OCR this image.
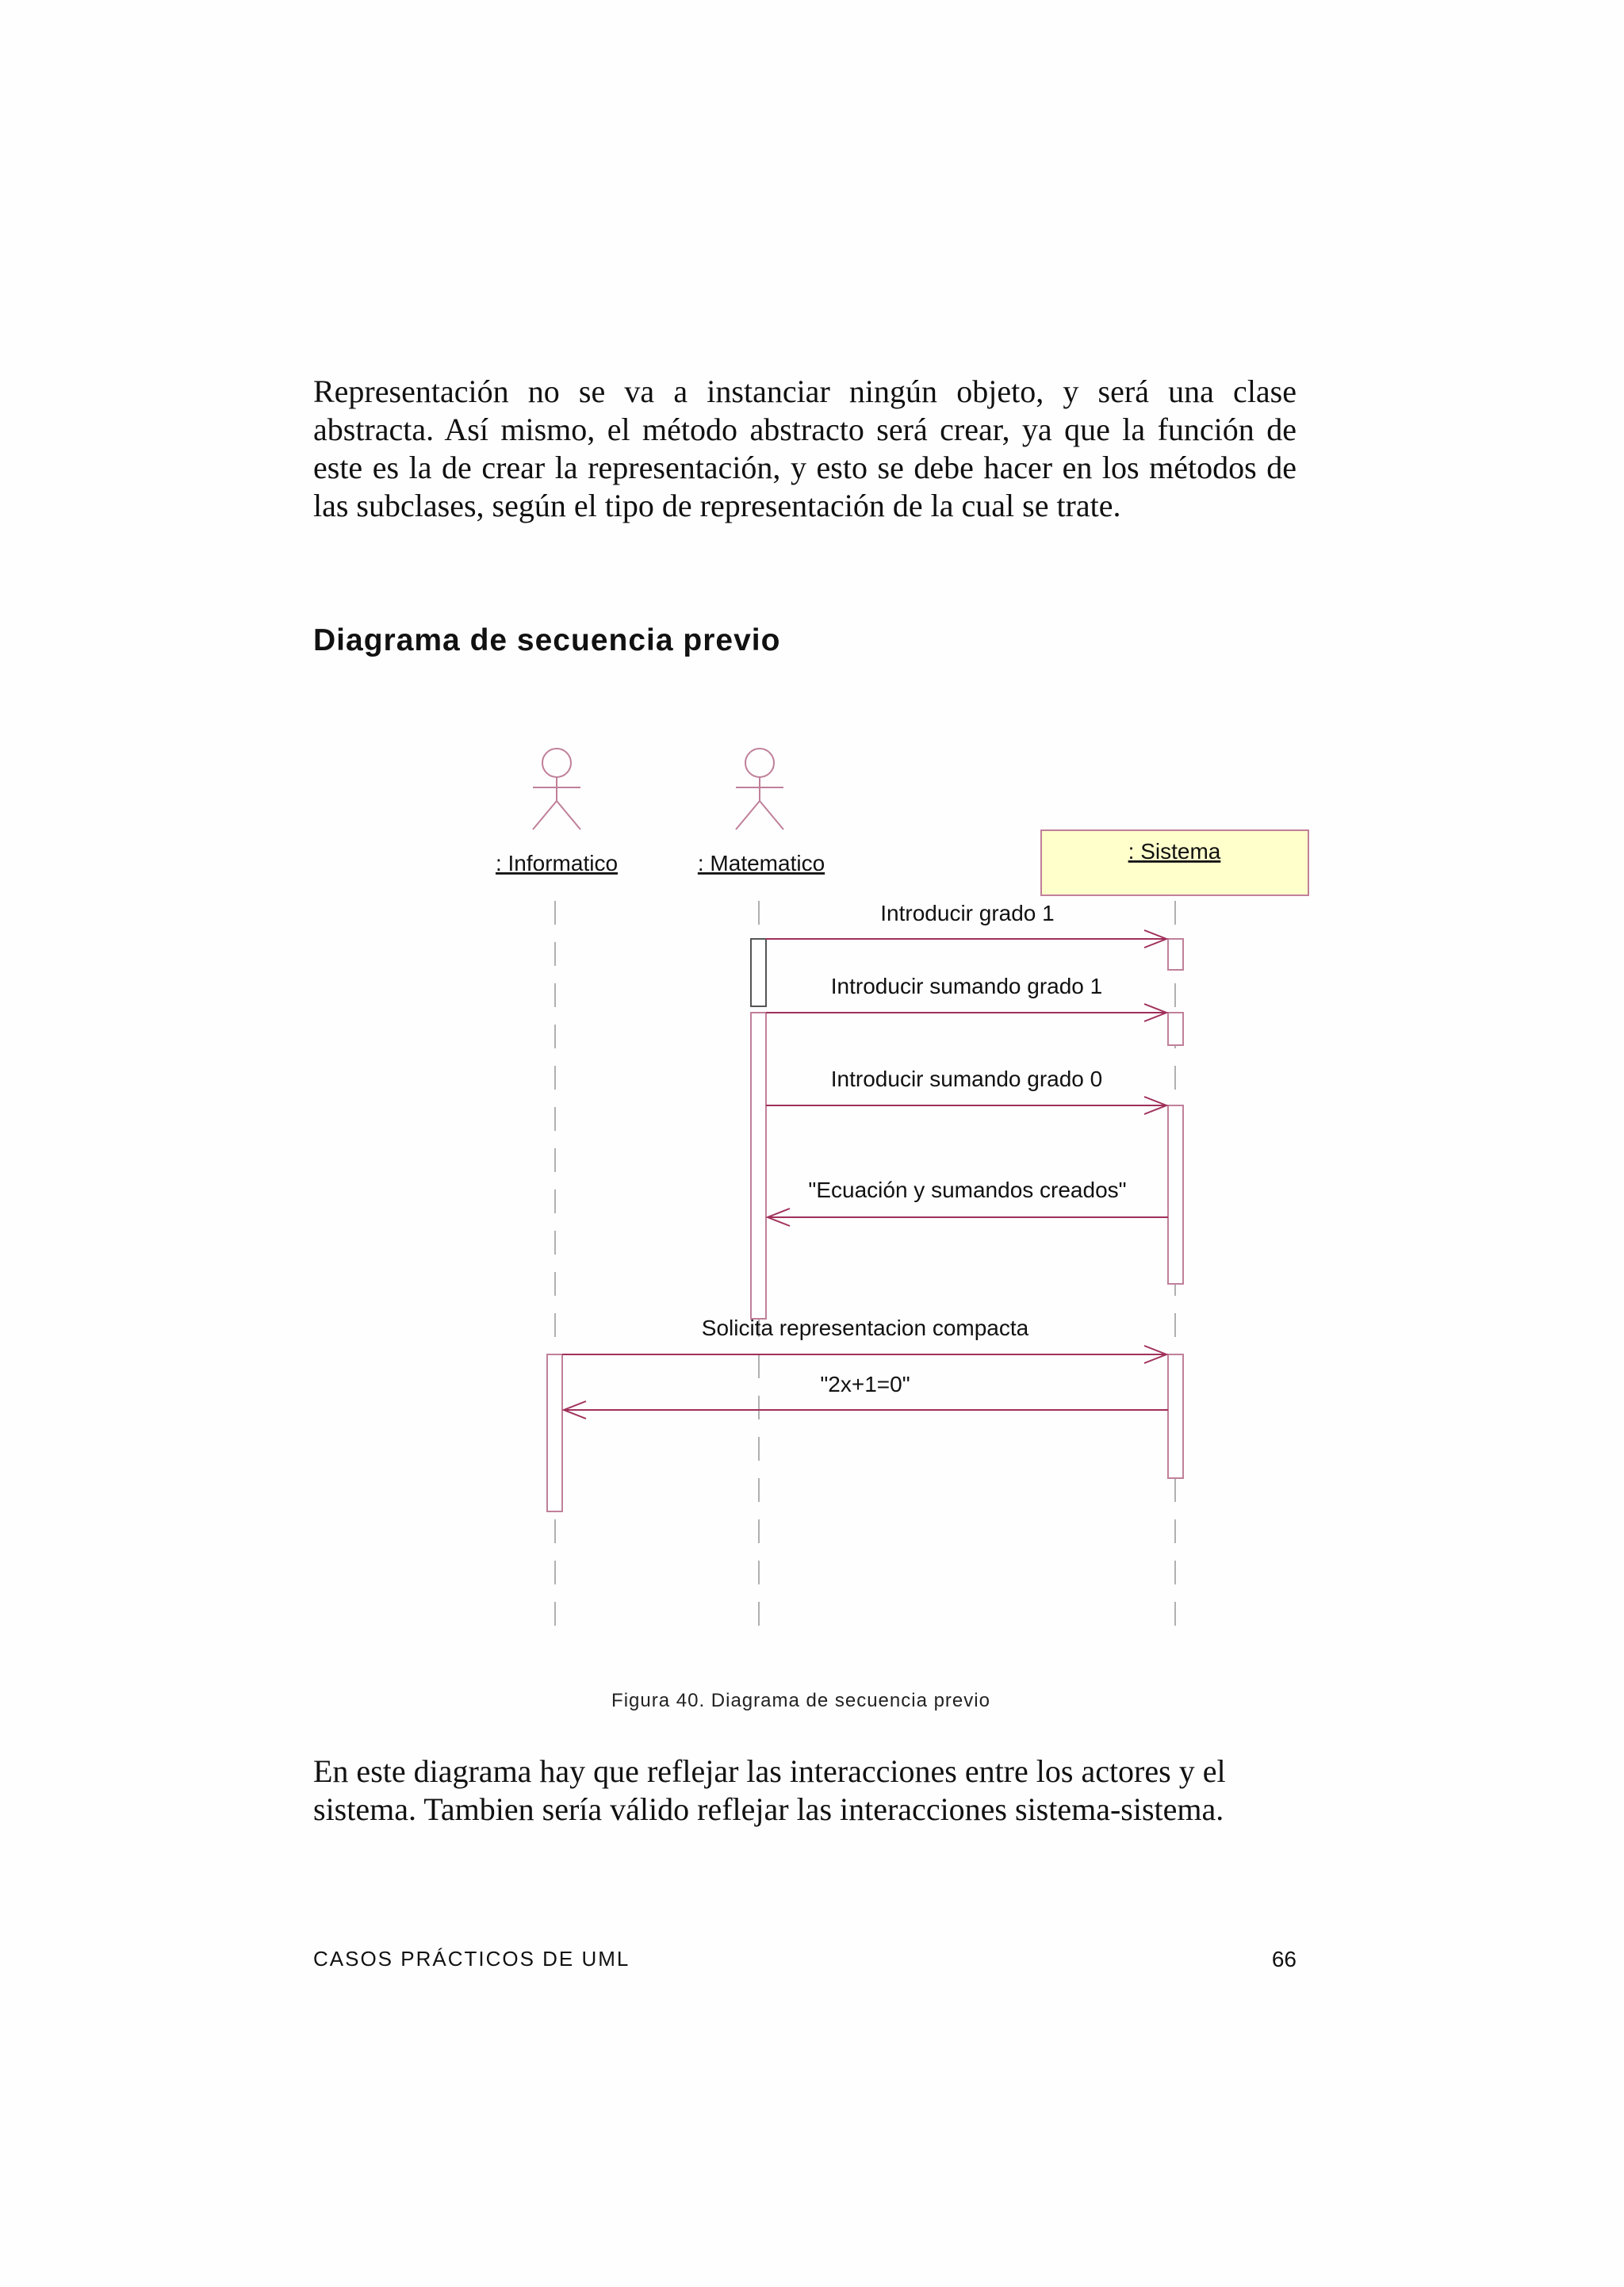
Representación no se va a instanciar ningún objeto, y será una clase abstracta. Así mismo, el método abstracto será crear, ya que la función de este es la de crear la representación, y esto se debe hacer en los métodos de las subclases, según el tipo de representación de la cual se trate.

Diagrama de secuencia previo
: Informatico	: Matematico	: Sistema
Introducir grado 1
Introducir sumando grado 1
Introducir sumando grado 0
"Ecuación y sumandos creados"
Solicita representacion compacta
"2x+1=0"
Figura 40. Diagrama de secuencia previo

En este diagrama hay que reflejar las interacciones entre los actores y el sistema. Tambien sería válido reflejar las interacciones sistema-sistema.

CASOS PRÁCTICOS DE UML	66
